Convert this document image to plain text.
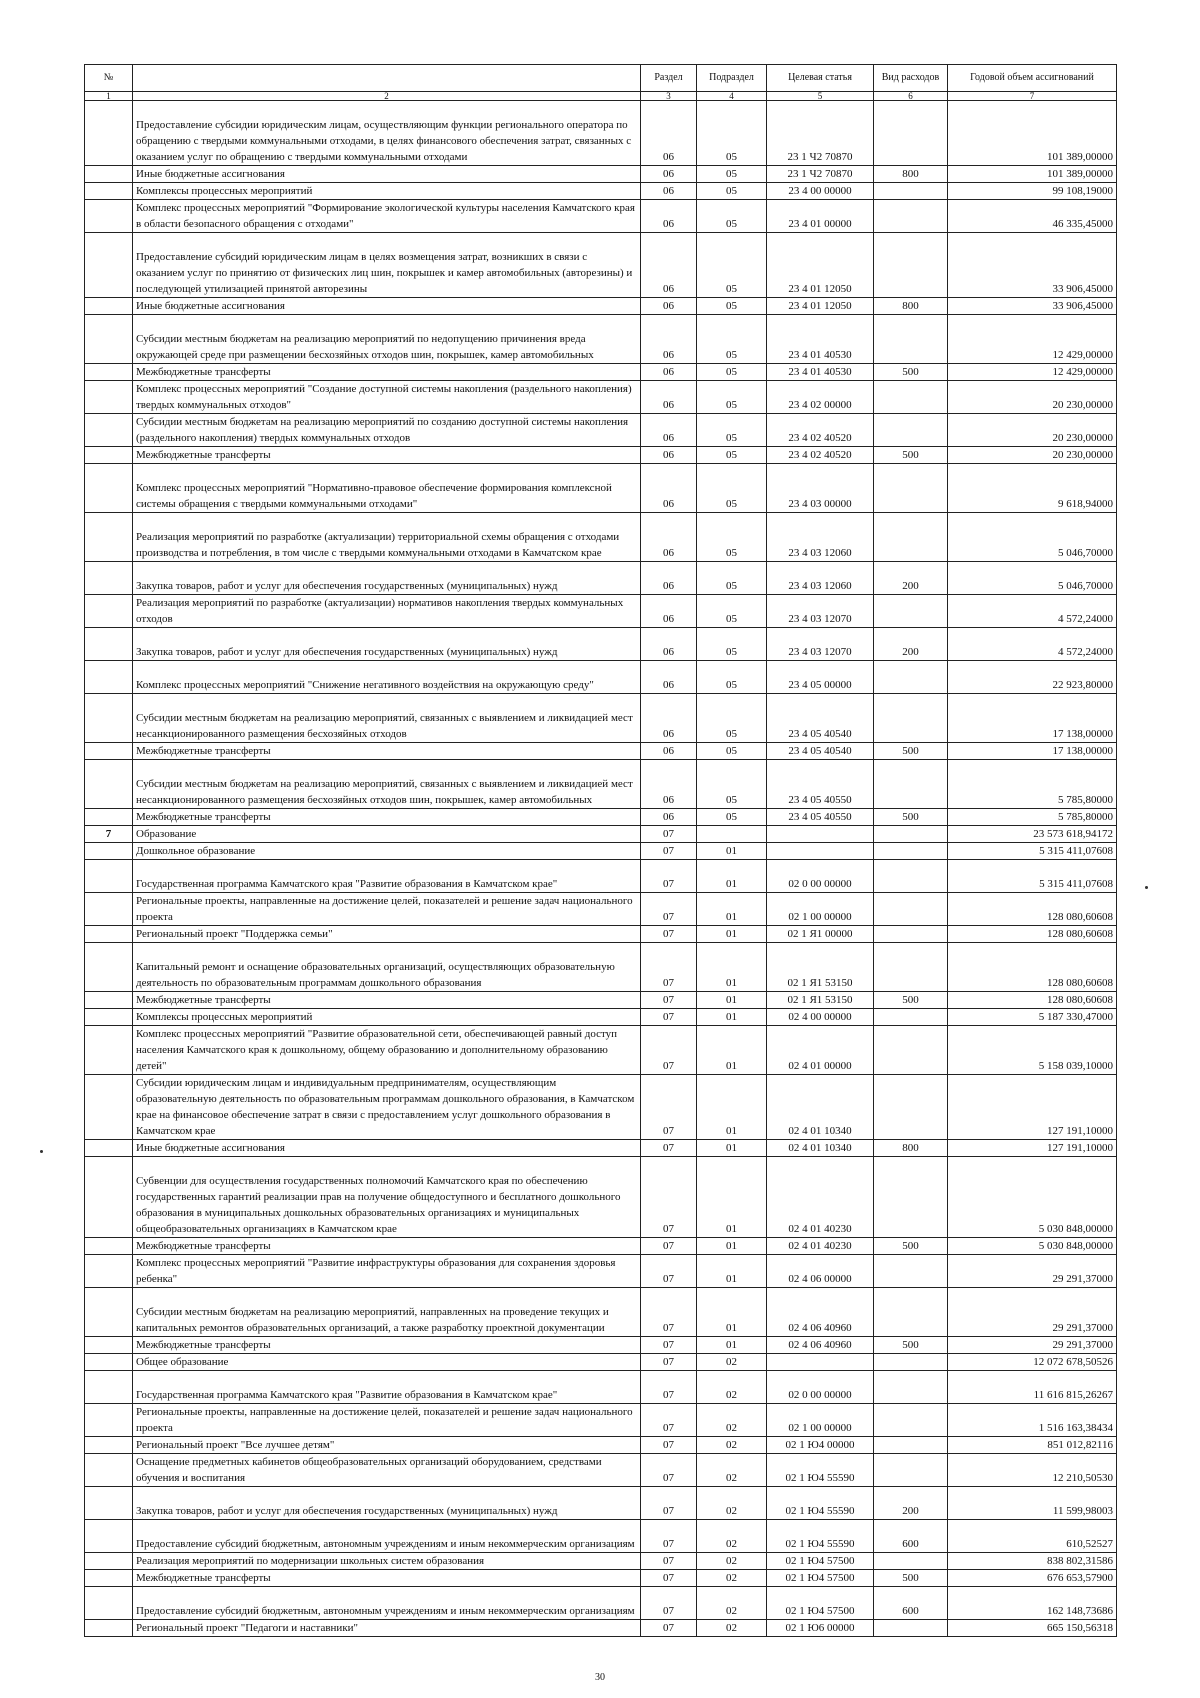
№		Раздел	Подраздел	Целевая статья	Вид расходов	Годовой объем ассигнований
1	2	3	4	5	6	7
	Предоставление субсидии юридическим лицам, осуществляющим функции регионального оператора по обращению с твердыми коммунальными отходами, в целях финансового обеспечения затрат, связанных с оказанием услуг по обращению с твердыми коммунальными отходами	06	05	23 1 Ч2 70870		101 389,00000
	Иные бюджетные ассигнования	06	05	23 1 Ч2 70870	800	101 389,00000
	Комплексы процессных мероприятий	06	05	23 4 00 00000		99 108,19000
	Комплекс процессных мероприятий "Формирование экологической культуры населения Камчатского края в области безопасного обращения с отходами"	06	05	23 4 01 00000		46 335,45000
	Предоставление субсидий юридическим лицам в целях возмещения затрат, возникших в связи с оказанием услуг по принятию от физических лиц шин, покрышек и камер автомобильных (авторезины) и последующей утилизацией принятой авторезины	06	05	23 4 01 12050		33 906,45000
	Иные бюджетные ассигнования	06	05	23 4 01 12050	800	33 906,45000
	Субсидии местным бюджетам на реализацию мероприятий по недопущению причинения вреда окружающей среде при размещении бесхозяйных отходов шин, покрышек, камер автомобильных	06	05	23 4 01 40530		12 429,00000
	Межбюджетные трансферты	06	05	23 4 01 40530	500	12 429,00000
	Комплекс процессных мероприятий "Создание доступной системы накопления (раздельного накопления) твердых коммунальных отходов"	06	05	23 4 02 00000		20 230,00000
	Субсидии местным бюджетам на реализацию мероприятий по созданию доступной системы накопления (раздельного накопления) твердых коммунальных отходов	06	05	23 4 02 40520		20 230,00000
	Межбюджетные трансферты	06	05	23 4 02 40520	500	20 230,00000
	Комплекс процессных мероприятий "Нормативно-правовое обеспечение формирования комплексной системы обращения с твердыми коммунальными отходами"	06	05	23 4 03 00000		9 618,94000
	Реализация мероприятий по разработке (актуализации) территориальной схемы обращения с отходами производства и потребления, в том числе с твердыми коммунальными отходами в Камчатском крае	06	05	23 4 03 12060		5 046,70000
	Закупка товаров, работ и услуг для обеспечения государственных (муниципальных) нужд	06	05	23 4 03 12060	200	5 046,70000
	Реализация мероприятий по разработке (актуализации) нормативов накопления твердых коммунальных отходов	06	05	23 4 03 12070		4 572,24000
	Закупка товаров, работ и услуг для обеспечения государственных (муниципальных) нужд	06	05	23 4 03 12070	200	4 572,24000
	Комплекс процессных мероприятий "Снижение негативного воздействия на окружающую среду"	06	05	23 4 05 00000		22 923,80000
	Субсидии местным бюджетам на реализацию мероприятий, связанных с выявлением и ликвидацией мест несанкционированного размещения бесхозяйных отходов	06	05	23 4 05 40540		17 138,00000
	Межбюджетные трансферты	06	05	23 4 05 40540	500	17 138,00000
	Субсидии местным бюджетам на реализацию мероприятий, связанных с выявлением и ликвидацией мест несанкционированного размещения бесхозяйных отходов шин, покрышек, камер автомобильных	06	05	23 4 05 40550		5 785,80000
	Межбюджетные трансферты	06	05	23 4 05 40550	500	5 785,80000
7	Образование	07				23 573 618,94172
	Дошкольное образование	07	01			5 315 411,07608
	Государственная программа Камчатского края "Развитие образования в Камчатском крае"	07	01	02 0 00 00000		5 315 411,07608
	Региональные проекты, направленные на достижение целей, показателей и решение задач национального проекта	07	01	02 1 00 00000		128 080,60608
	Региональный проект "Поддержка семьи"	07	01	02 1 Я1 00000		128 080,60608
	Капитальный ремонт и оснащение образовательных организаций, осуществляющих образовательную деятельность по образовательным программам дошкольного образования	07	01	02 1 Я1 53150		128 080,60608
	Межбюджетные трансферты	07	01	02 1 Я1 53150	500	128 080,60608
	Комплексы процессных мероприятий	07	01	02 4 00 00000		5 187 330,47000
	Комплекс процессных мероприятий "Развитие образовательной сети, обеспечивающей равный доступ населения Камчатского края к дошкольному, общему образованию и дополнительному образованию детей"	07	01	02 4 01 00000		5 158 039,10000
	Субсидии юридическим лицам и индивидуальным предпринимателям, осуществляющим образовательную деятельность по образовательным программам дошкольного образования, в Камчатском крае на финансовое обеспечение затрат в связи с предоставлением услуг дошкольного образования в Камчатском крае	07	01	02 4 01 10340		127 191,10000
	Иные бюджетные ассигнования	07	01	02 4 01 10340	800	127 191,10000
	Субвенции для осуществления государственных полномочий Камчатского края по обеспечению государственных гарантий реализации прав на получение общедоступного и бесплатного дошкольного образования в муниципальных дошкольных образовательных организациях и муниципальных общеобразовательных организациях в Камчатском крае	07	01	02 4 01 40230		5 030 848,00000
	Межбюджетные трансферты	07	01	02 4 01 40230	500	5 030 848,00000
	Комплекс процессных мероприятий "Развитие инфраструктуры образования для сохранения здоровья ребенка"	07	01	02 4 06 00000		29 291,37000
	Субсидии местным бюджетам на реализацию мероприятий, направленных на проведение текущих и капитальных ремонтов образовательных организаций, а также разработку проектной документации	07	01	02 4 06 40960		29 291,37000
	Межбюджетные трансферты	07	01	02 4 06 40960	500	29 291,37000
	Общее образование	07	02			12 072 678,50526
	Государственная программа Камчатского края "Развитие образования в Камчатском крае"	07	02	02 0 00 00000		11 616 815,26267
	Региональные проекты, направленные на достижение целей, показателей и решение задач национального проекта	07	02	02 1 00 00000		1 516 163,38434
	Региональный проект "Все лучшее детям"	07	02	02 1 Ю4 00000		851 012,82116
	Оснащение предметных кабинетов общеобразовательных организаций оборудованием, средствами обучения и воспитания	07	02	02 1 Ю4 55590		12 210,50530
	Закупка товаров, работ и услуг для обеспечения государственных (муниципальных) нужд	07	02	02 1 Ю4 55590	200	11 599,98003
	Предоставление субсидий бюджетным, автономным учреждениям и иным некоммерческим организациям	07	02	02 1 Ю4 55590	600	610,52527
	Реализация мероприятий по модернизации школьных систем образования	07	02	02 1 Ю4 57500		838 802,31586
	Межбюджетные трансферты	07	02	02 1 Ю4 57500	500	676 653,57900
	Предоставление субсидий бюджетным, автономным учреждениям и иным некоммерческим организациям	07	02	02 1 Ю4 57500	600	162 148,73686
	Региональный проект "Педагоги и наставники"	07	02	02 1 Ю6 00000		665 150,56318
30
